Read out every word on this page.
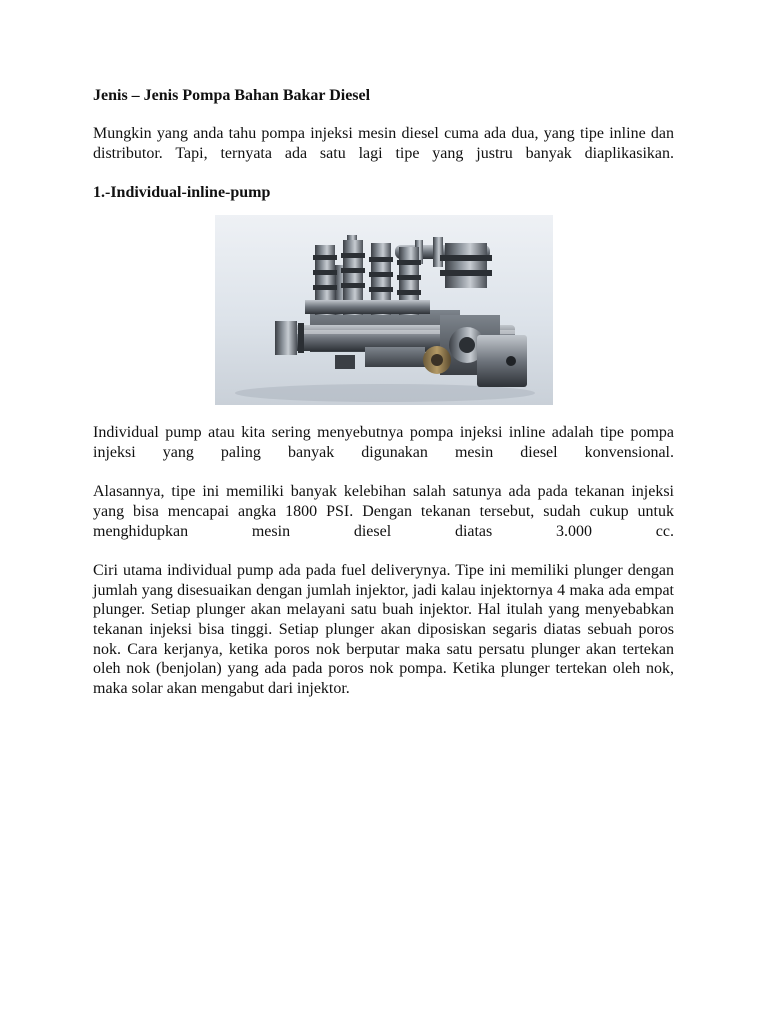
Jenis – Jenis Pompa Bahan Bakar Diesel

Mungkin yang anda tahu pompa injeksi mesin diesel cuma ada dua, yang tipe inline dan distributor. Tapi, ternyata ada satu lagi tipe yang justru banyak diaplikasikan.

1.-Individual-inline-pump

Individual pump atau kita sering menyebutnya pompa injeksi inline adalah tipe pompa injeksi yang paling banyak digunakan mesin diesel konvensional.

Alasannya, tipe ini memiliki banyak kelebihan salah satunya ada pada tekanan injeksi yang bisa mencapai angka 1800 PSI. Dengan tekanan tersebut, sudah cukup untuk menghidupkan mesin diesel diatas 3.000 cc.

Ciri utama individual pump ada pada fuel deliverynya. Tipe ini memiliki plunger dengan jumlah yang disesuaikan dengan jumlah injektor, jadi kalau injektornya 4 maka ada empat plunger. Setiap plunger akan melayani satu buah injektor. Hal itulah yang menyebabkan tekanan injeksi bisa tinggi. Setiap plunger akan diposiskan segaris diatas sebuah poros nok. Cara kerjanya, ketika poros nok berputar maka satu persatu plunger akan tertekan oleh nok (benjolan) yang ada pada poros nok pompa. Ketika plunger tertekan oleh nok, maka solar akan mengabut dari injektor.
